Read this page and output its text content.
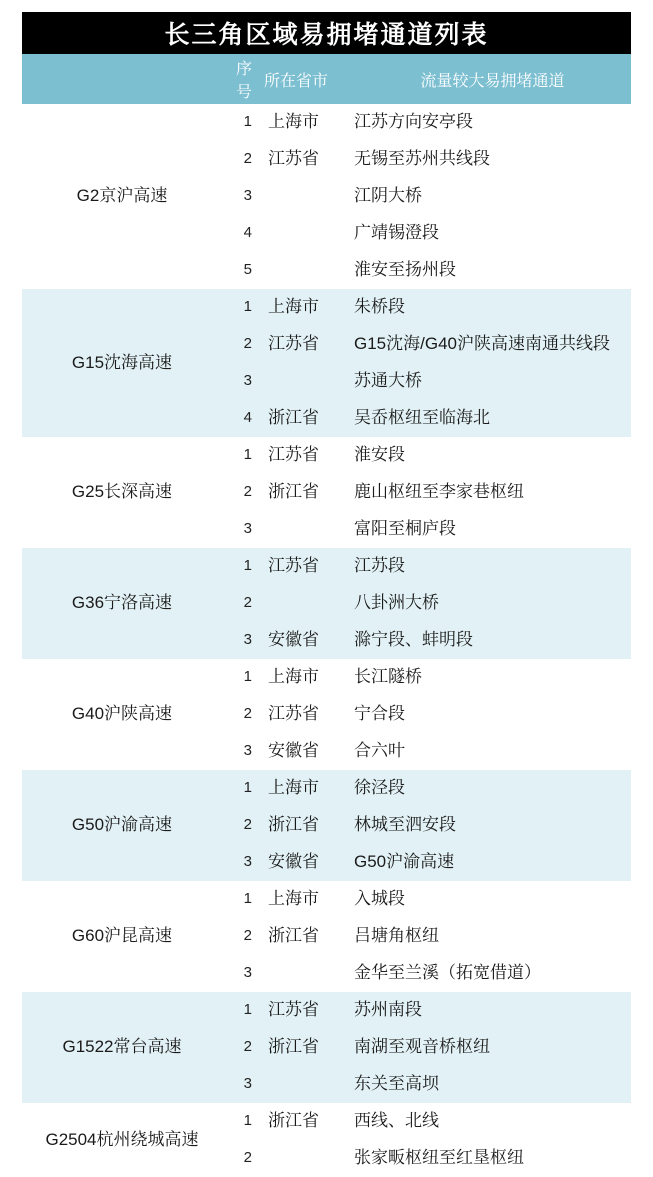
长三角区域易拥堵通道列表
	序号	所在省市	流量较大易拥堵通道
G2京沪高速	1	上海市	江苏方向安亭段
	2	江苏省	无锡至苏州共线段
	3		江阴大桥
	4		广靖锡澄段
	5		淮安至扬州段
G15沈海高速	1	上海市	朱桥段
	2	江苏省	G15沈海/G40沪陕高速南通共线段
	3		苏通大桥
	4	浙江省	吴岙枢纽至临海北
G25长深高速	1	江苏省	淮安段
	2	浙江省	鹿山枢纽至李家巷枢纽
	3		富阳至桐庐段
G36宁洛高速	1	江苏省	江苏段
	2		八卦洲大桥
	3	安徽省	滁宁段、蚌明段
G40沪陕高速	1	上海市	长江隧桥
	2	江苏省	宁合段
	3	安徽省	合六叶
G50沪渝高速	1	上海市	徐泾段
	2	浙江省	林城至泗安段
	3	安徽省	G50沪渝高速
G60沪昆高速	1	上海市	入城段
	2	浙江省	吕塘角枢纽
	3		金华至兰溪（拓宽借道）
G1522常台高速	1	江苏省	苏州南段
	2	浙江省	南湖至观音桥枢纽
	3		东关至高坝
G2504杭州绕城高速	1	浙江省	西线、北线
	2		张家畈枢纽至红垦枢纽
